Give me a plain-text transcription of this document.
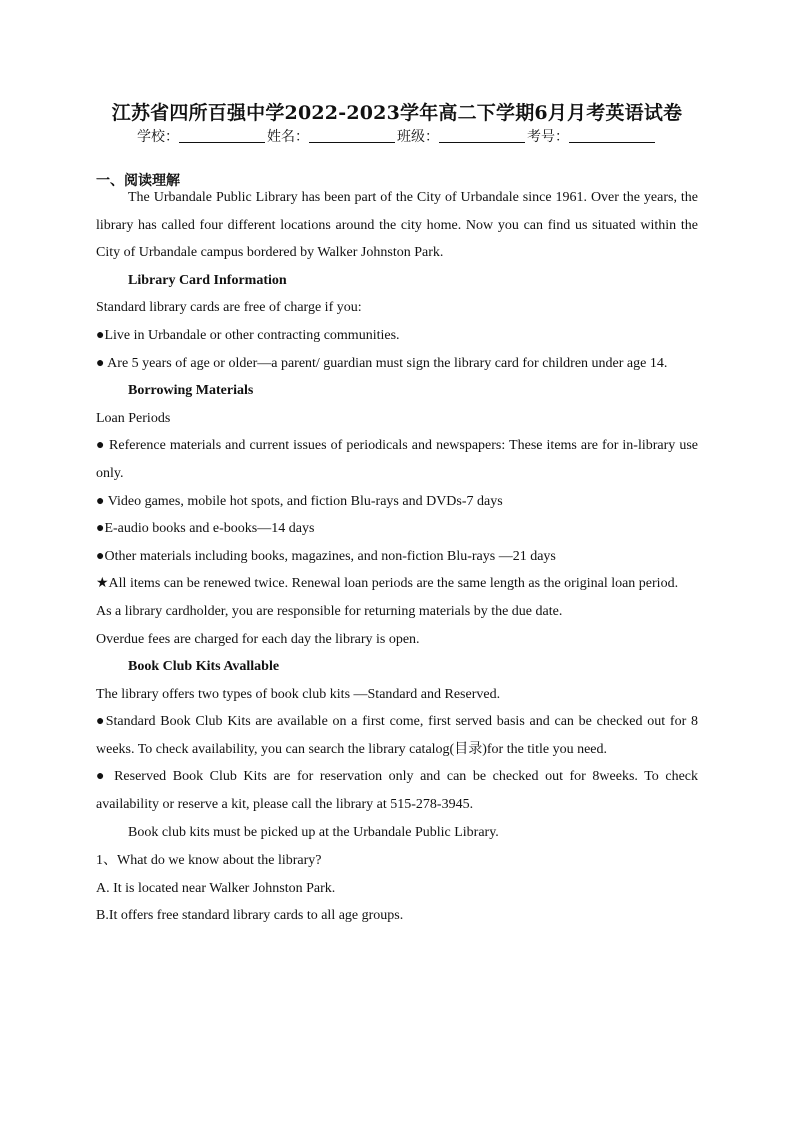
江苏省四所百强中学2022-2023学年高二下学期6月月考英语试卷
学校：	姓名：	班级：	考号：
一、阅读理解

The Urbandale Public Library has been part of the City of Urbandale since 1961. Over the years, the library has called four different locations around the city home. Now you can find us situated within the City of Urbandale campus bordered by Walker Johnston Park.

Library Card Information

Standard library cards are free of charge if you:

●Live in Urbandale or other contracting communities.

● Are 5 years of age or older—a parent/ guardian must sign the library card for children under age 14.

Borrowing Materials

Loan Periods

● Reference materials and current issues of periodicals and newspapers: These items are for in-library use only.

● Video games, mobile hot spots, and fiction Blu-rays and DVDs-7 days

●E-audio books and e-books—14 days

●Other materials including books, magazines, and non-fiction Blu-rays —21 days

★All items can be renewed twice. Renewal loan periods are the same length as the original loan period.

As a library cardholder, you are responsible for returning materials by the due date.

Overdue fees are charged for each day the library is open.

Book Club Kits Avallable

The library offers two types of book club kits —Standard and Reserved.

●Standard Book Club Kits are available on a first come, first served basis and can be checked out for 8 weeks. To check availability, you can search the library catalog(目录)for the title you need.

● Reserved Book Club Kits are for reservation only and can be checked out for 8weeks. To check availability or reserve a kit, please call the library at 515-278-3945.

Book club kits must be picked up at the Urbandale Public Library.

1、What do we know about the library?

A. It is located near Walker Johnston Park.

B.It offers free standard library cards to all age groups.
